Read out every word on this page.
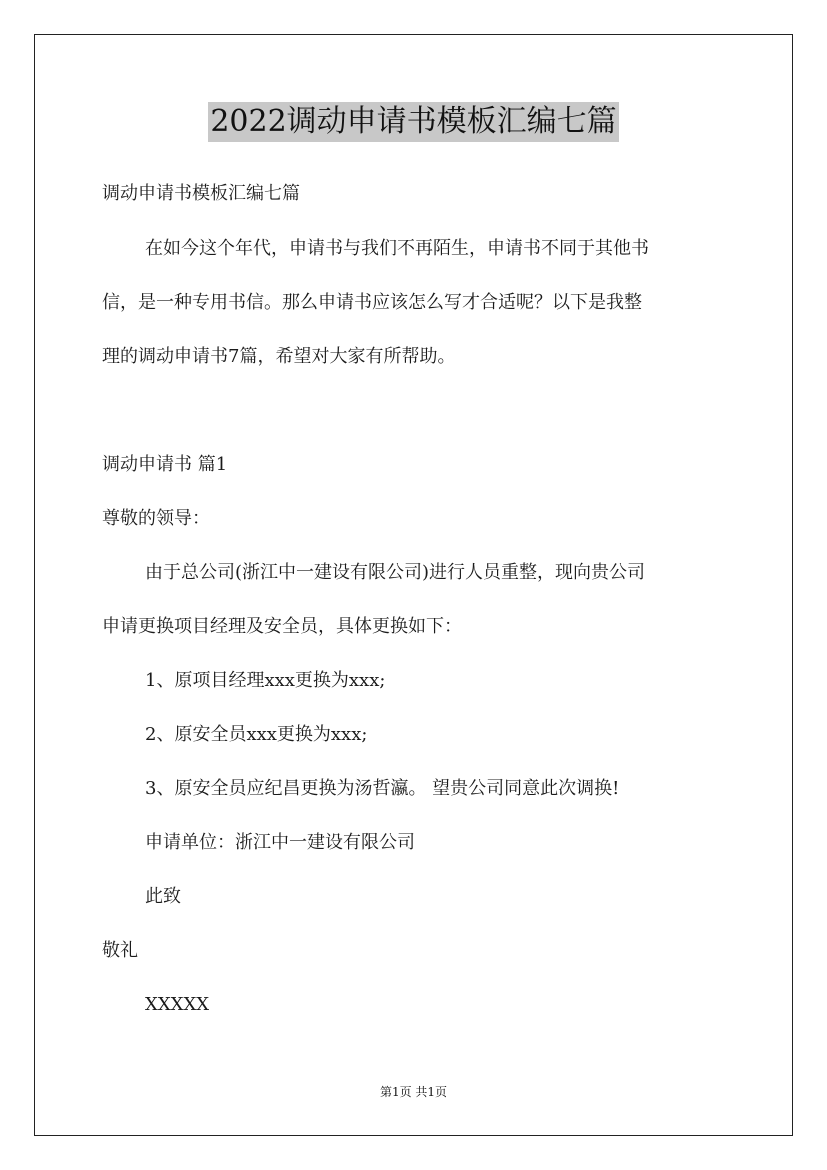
2022调动申请书模板汇编七篇
调动申请书模板汇编七篇
在如今这个年代，申请书与我们不再陌生，申请书不同于其他书
信，是一种专用书信。那么申请书应该怎么写才合适呢？以下是我整
理的调动申请书7篇，希望对大家有所帮助。
调动申请书 篇1
尊敬的领导：
由于总公司(浙江中一建设有限公司)进行人员重整，现向贵公司
申请更换项目经理及安全员，具体更换如下：
1、原项目经理xxx更换为xxx;
2、原安全员xxx更换为xxx;
3、原安全员应纪昌更换为汤哲瀛。 望贵公司同意此次调换!
申请单位：浙江中一建设有限公司
此致
敬礼
XXXXX
第1页 共1页
